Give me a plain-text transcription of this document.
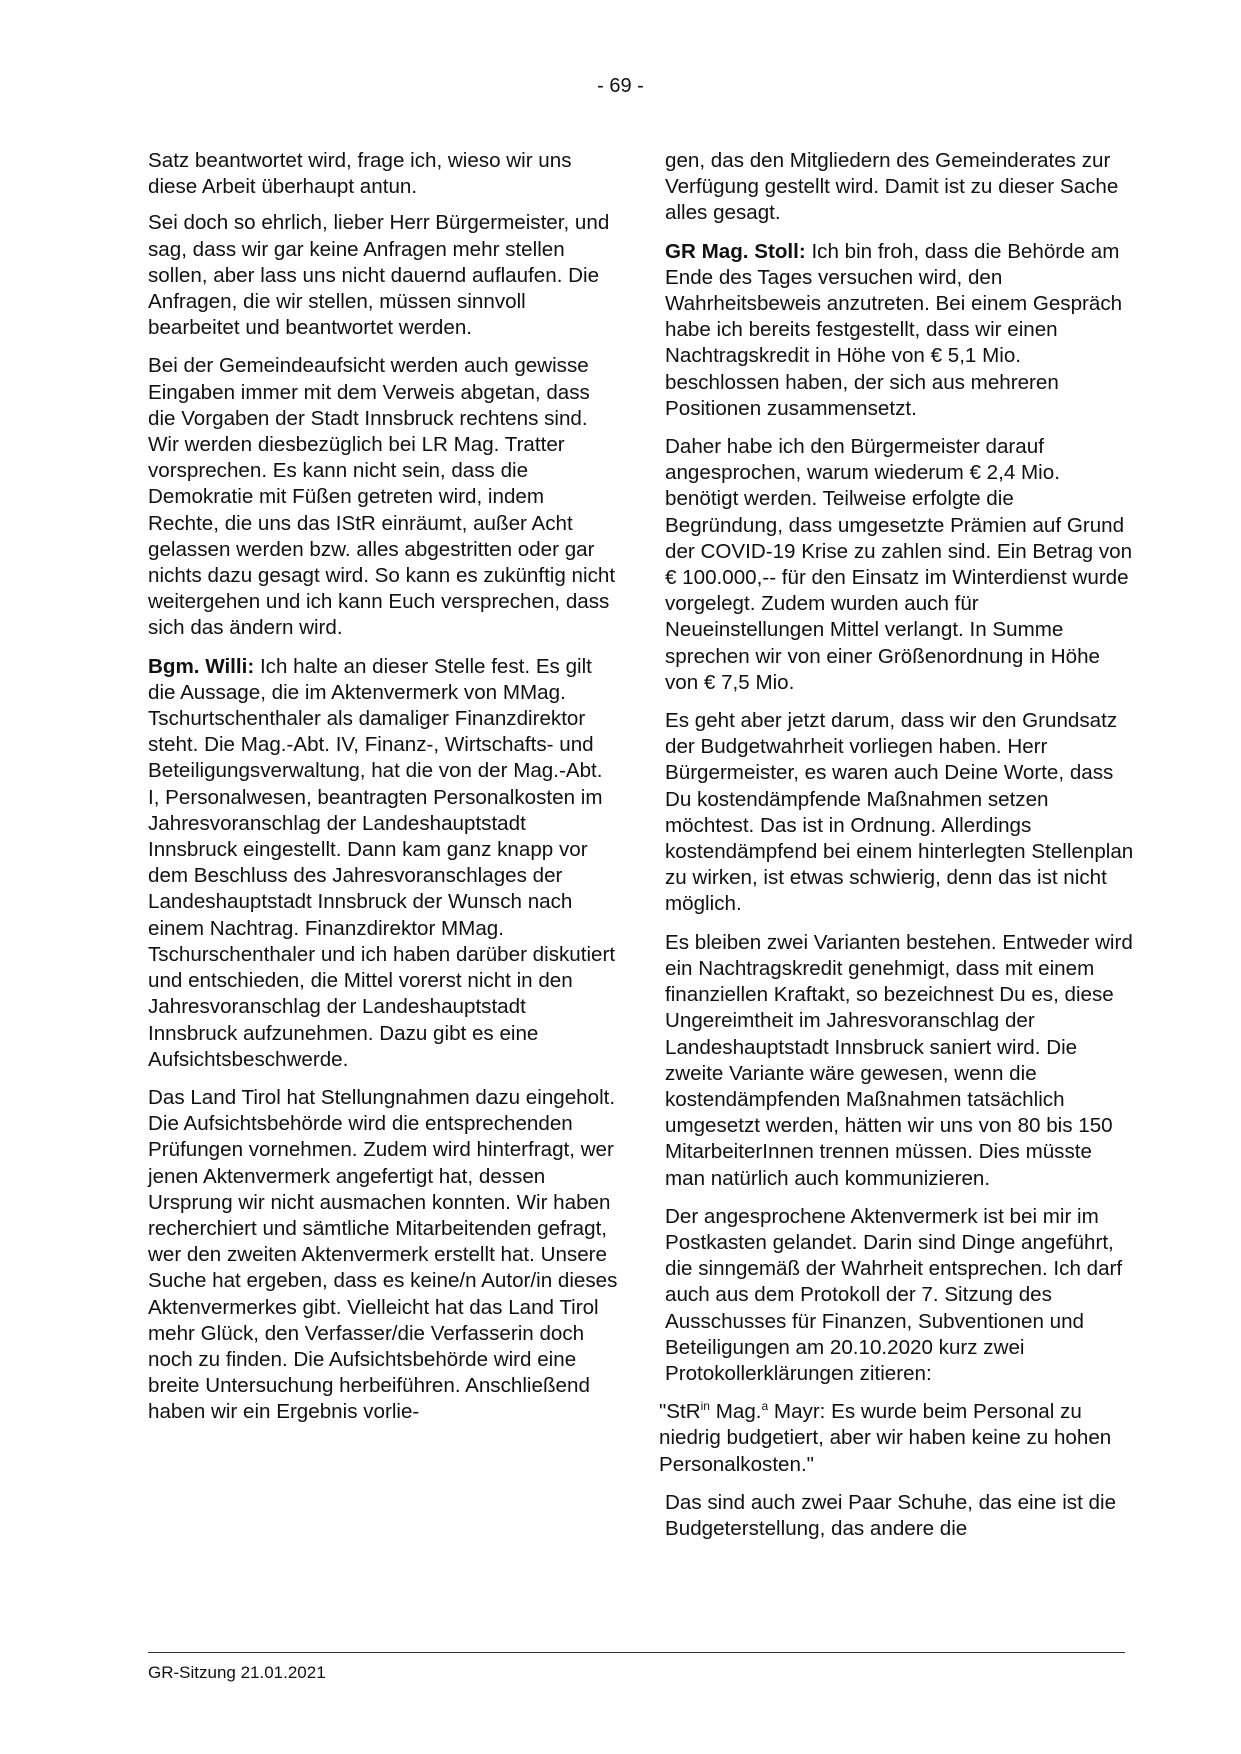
- 69 -

Satz beantwortet wird, frage ich, wieso wir uns diese Arbeit überhaupt antun.

Sei doch so ehrlich, lieber Herr Bürgermeister, und sag, dass wir gar keine Anfragen mehr stellen sollen, aber lass uns nicht dauernd auflaufen. Die Anfragen, die wir stellen, müssen sinnvoll bearbeitet und beantwortet werden.

Bei der Gemeindeaufsicht werden auch gewisse Eingaben immer mit dem Verweis abgetan, dass die Vorgaben der Stadt Innsbruck rechtens sind. Wir werden diesbezüglich bei LR Mag. Tratter vorsprechen. Es kann nicht sein, dass die Demokratie mit Füßen getreten wird, indem Rechte, die uns das IStR einräumt, außer Acht gelassen werden bzw. alles abgestritten oder gar nichts dazu gesagt wird. So kann es zukünftig nicht weitergehen und ich kann Euch versprechen, dass sich das ändern wird.

Bgm. Willi: Ich halte an dieser Stelle fest. Es gilt die Aussage, die im Aktenvermerk von MMag. Tschurtschenthaler als damaliger Finanzdirektor steht. Die Mag.-Abt. IV, Finanz-, Wirtschafts- und Beteiligungsverwaltung, hat die von der Mag.-Abt. I, Personalwesen, beantragten Personalkosten im Jahresvoranschlag der Landeshauptstadt Innsbruck eingestellt. Dann kam ganz knapp vor dem Beschluss des Jahresvoranschlages der Landeshauptstadt Innsbruck der Wunsch nach einem Nachtrag. Finanzdirektor MMag. Tschurschenthaler und ich haben darüber diskutiert und entschieden, die Mittel vorerst nicht in den Jahresvoranschlag der Landeshauptstadt Innsbruck aufzunehmen. Dazu gibt es eine Aufsichtsbeschwerde.

Das Land Tirol hat Stellungnahmen dazu eingeholt. Die Aufsichtsbehörde wird die entsprechenden Prüfungen vornehmen. Zudem wird hinterfragt, wer jenen Aktenvermerk angefertigt hat, dessen Ursprung wir nicht ausmachen konnten. Wir haben recherchiert und sämtliche Mitarbeitenden gefragt, wer den zweiten Aktenvermerk erstellt hat. Unsere Suche hat ergeben, dass es keine/n Autor/in dieses Aktenvermerkes gibt. Vielleicht hat das Land Tirol mehr Glück, den Verfasser/die Verfasserin doch noch zu finden. Die Aufsichtsbehörde wird eine breite Untersuchung herbeiführen. Anschließend haben wir ein Ergebnis vorlie-

gen, das den Mitgliedern des Gemeinderates zur Verfügung gestellt wird. Damit ist zu dieser Sache alles gesagt.

GR Mag. Stoll: Ich bin froh, dass die Behörde am Ende des Tages versuchen wird, den Wahrheitsbeweis anzutreten. Bei einem Gespräch habe ich bereits festgestellt, dass wir einen Nachtragskredit in Höhe von € 5,1 Mio. beschlossen haben, der sich aus mehreren Positionen zusammensetzt.

Daher habe ich den Bürgermeister darauf angesprochen, warum wiederum € 2,4 Mio. benötigt werden. Teilweise erfolgte die Begründung, dass umgesetzte Prämien auf Grund der COVID-19 Krise zu zahlen sind. Ein Betrag von € 100.000,-- für den Einsatz im Winterdienst wurde vorgelegt. Zudem wurden auch für Neueinstellungen Mittel verlangt. In Summe sprechen wir von einer Größenordnung in Höhe von € 7,5 Mio.

Es geht aber jetzt darum, dass wir den Grundsatz der Budgetwahrheit vorliegen haben. Herr Bürgermeister, es waren auch Deine Worte, dass Du kostendämpfende Maßnahmen setzen möchtest. Das ist in Ordnung. Allerdings kostendämpfend bei einem hinterlegten Stellenplan zu wirken, ist etwas schwierig, denn das ist nicht möglich.

Es bleiben zwei Varianten bestehen. Entweder wird ein Nachtragskredit genehmigt, dass mit einem finanziellen Kraftakt, so bezeichnest Du es, diese Ungereimtheit im Jahresvoranschlag der Landeshauptstadt Innsbruck saniert wird. Die zweite Variante wäre gewesen, wenn die kostendämpfenden Maßnahmen tatsächlich umgesetzt werden, hätten wir uns von 80 bis 150 MitarbeiterInnen trennen müssen. Dies müsste man natürlich auch kommunizieren.

Der angesprochene Aktenvermerk ist bei mir im Postkasten gelandet. Darin sind Dinge angeführt, die sinngemäß der Wahrheit entsprechen. Ich darf auch aus dem Protokoll der 7. Sitzung des Ausschusses für Finanzen, Subventionen und Beteiligungen am 20.10.2020 kurz zwei Protokollerklärungen zitieren:

"StR$^{in}$ Mag.$^a$ Mayr: Es wurde beim Personal zu niedrig budgetiert, aber wir haben keine zu hohen Personalkosten."

Das sind auch zwei Paar Schuhe, das eine ist die Budgeterstellung, das andere die

GR-Sitzung 21.01.2021
